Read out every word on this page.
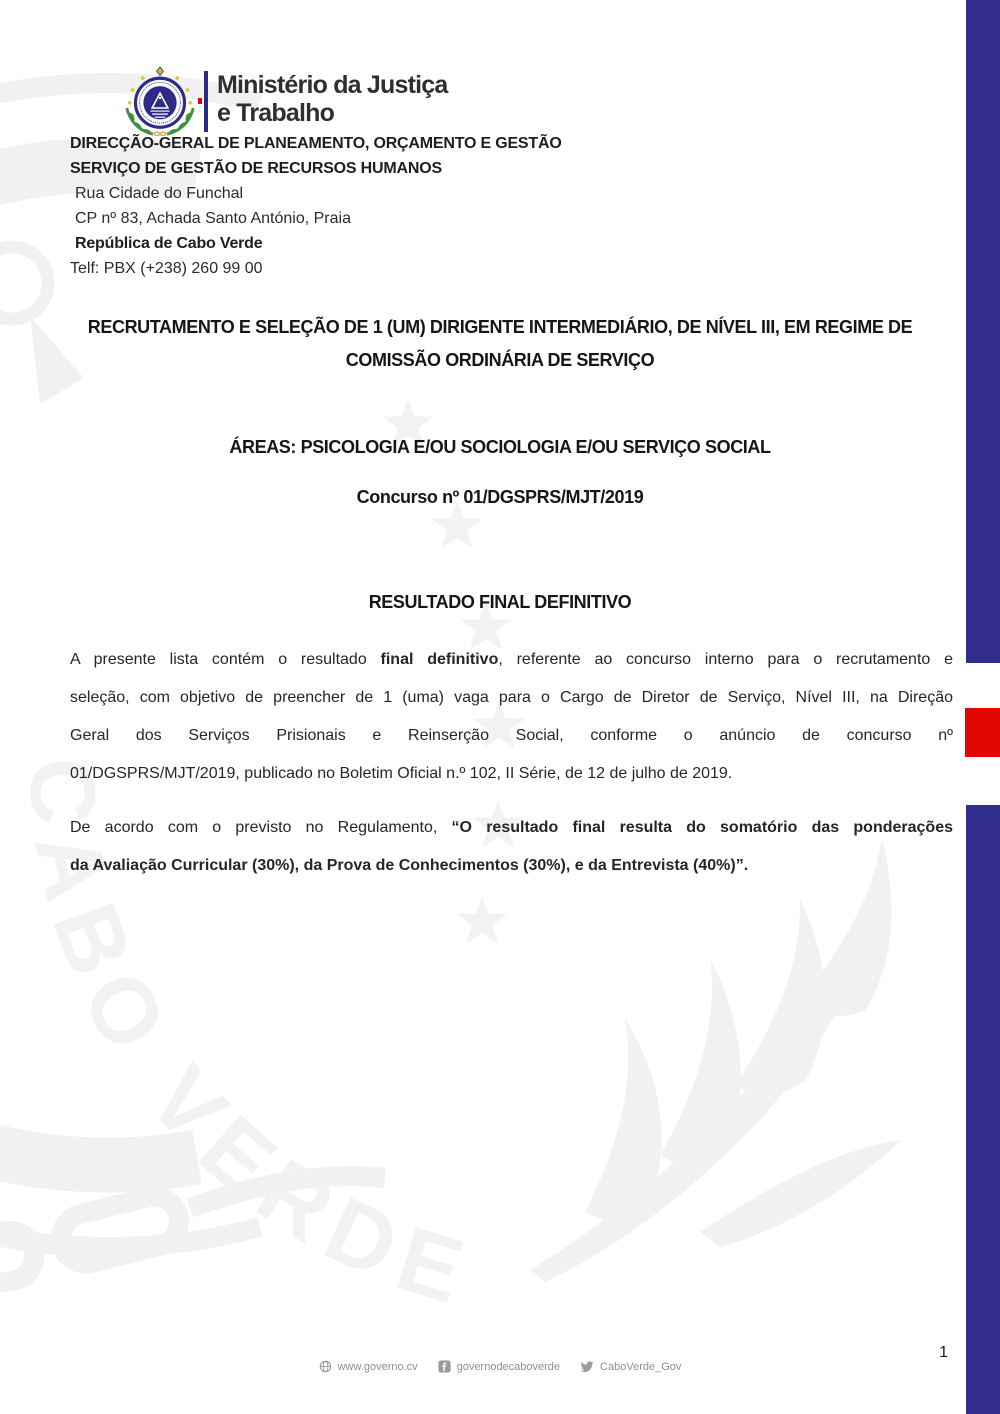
CABO VERDE
Ministério da Justiça
e Trabalho
DIRECÇÃO-GERAL DE PLANEAMENTO, ORÇAMENTO E GESTÃO
SERVIÇO DE GESTÃO DE RECURSOS HUMANOS
Rua Cidade do Funchal
CP nº 83, Achada Santo António, Praia
República de Cabo Verde
Telf: PBX (+238) 260 99 00
RECRUTAMENTO E SELEÇÃO DE 1 (UM) DIRIGENTE INTERMEDIÁRIO, DE NÍVEL III, EM REGIME DE
COMISSÃO ORDINÁRIA DE SERVIÇO
ÁREAS: PSICOLOGIA E/OU SOCIOLOGIA E/OU SERVIÇO SOCIAL
Concurso nº 01/DGSPRS/MJT/2019
RESULTADO FINAL DEFINITIVO
A presente lista contém o resultado final definitivo, referente ao concurso interno para o recrutamento e
seleção, com objetivo de preencher de 1 (uma) vaga para o Cargo de Diretor de Serviço, Nível III, na Direção
Geral dos Serviços Prisionais e Reinserção Social, conforme o anúncio de concurso nº
01/DGSPRS/MJT/2019, publicado no Boletim Oficial n.º 102, II Série, de 12 de julho de 2019.
De acordo com o previsto no Regulamento, “O resultado final resulta do somatório das ponderações
da Avaliação Curricular (30%), da Prova de Conhecimentos (30%), e da Entrevista (40%)”.
www.governo.cv	governodecaboverde	CaboVerde_Gov
1
